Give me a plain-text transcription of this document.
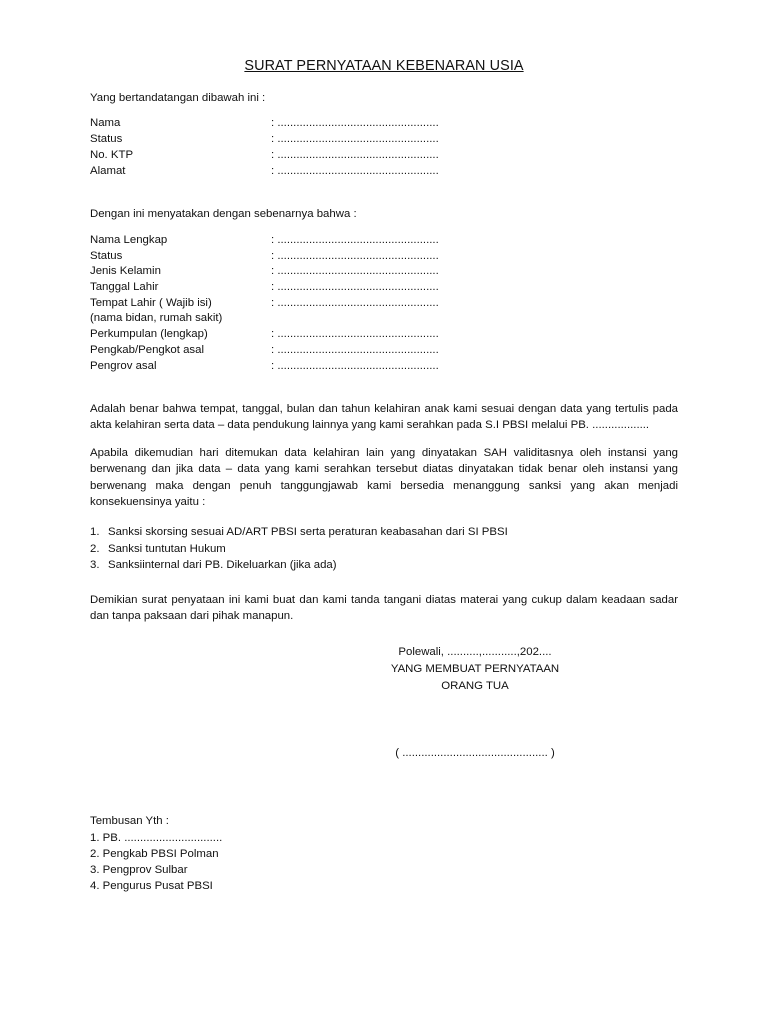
SURAT PERNYATAAN KEBENARAN USIA
Yang bertandatangan dibawah ini :
Nama	: ...................................................
Status	: ...................................................
No. KTP	: ...................................................
Alamat	: ...................................................
Dengan ini menyatakan dengan sebenarnya bahwa :
Nama Lengkap	: ...................................................
Status	: ...................................................
Jenis Kelamin	: ...................................................
Tanggal Lahir	: ...................................................
Tempat Lahir ( Wajib isi)	: ...................................................
(nama bidan, rumah sakit)
Perkumpulan (lengkap)	: ...................................................
Pengkab/Pengkot asal	: ...................................................
Pengrov asal	: ...................................................
Adalah benar bahwa tempat, tanggal, bulan dan tahun kelahiran anak kami sesuai dengan data yang tertulis pada akta kelahiran serta data – data pendukung lainnya yang kami serahkan pada S.I PBSI melalui PB. ..................
Apabila dikemudian hari ditemukan data kelahiran lain yang dinyatakan SAH validitasnya oleh instansi yang berwenang dan jika data – data yang kami serahkan tersebut diatas dinyatakan tidak benar oleh instansi yang berwenang maka dengan penuh tanggungjawab kami bersedia menanggung sanksi yang akan menjadi konsekuensinya yaitu :
1. Sanksi skorsing sesuai AD/ART PBSI serta peraturan keabasahan dari SI PBSI
2. Sanksi tuntutan Hukum
3. Sanksiinternal dari PB. Dikeluarkan (jika ada)
Demikian surat penyataan ini kami buat dan kami tanda tangani diatas materai yang cukup dalam keadaan sadar dan tanpa paksaan dari pihak manapun.
Polewali, ..........,...........,202....
YANG MEMBUAT PERNYATAAN
ORANG TUA
( .............................................. )
Tembusan Yth :
1. PB. ...............................
2. Pengkab PBSI Polman
3. Pengprov Sulbar
4. Pengurus Pusat PBSI
